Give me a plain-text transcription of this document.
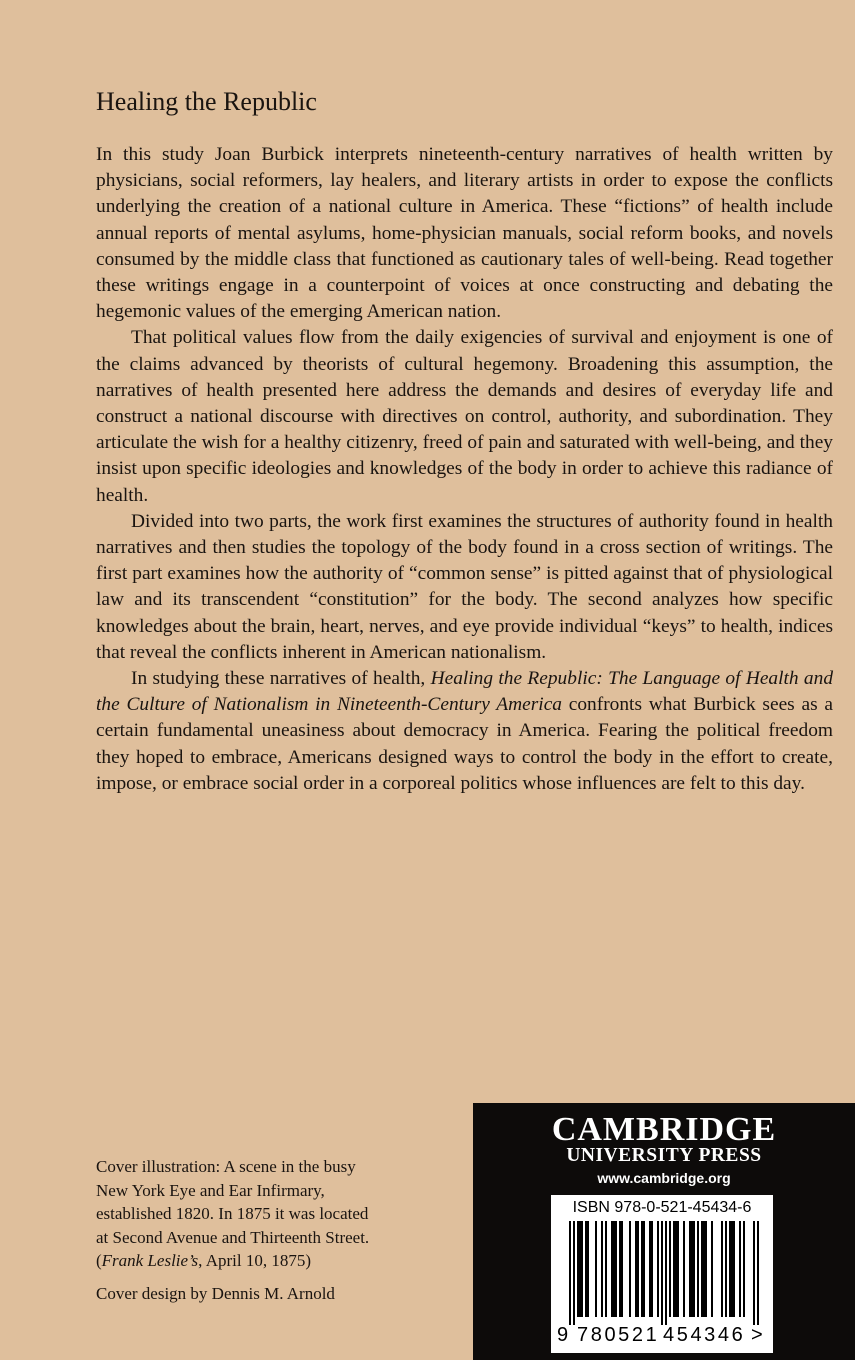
Healing the Republic

In this study Joan Burbick interprets nineteenth-century narratives of health written by physicians, social reformers, lay healers, and literary artists in order to expose the conflicts underlying the creation of a national culture in America. These “fictions” of health include annual reports of mental asylums, home-physician manuals, social reform books, and novels consumed by the middle class that functioned as cautionary tales of well-being. Read together these writings engage in a counterpoint of voices at once constructing and debating the hegemonic values of the emerging American nation.

That political values flow from the daily exigencies of survival and enjoyment is one of the claims advanced by theorists of cultural hegemony. Broadening this assumption, the narratives of health presented here address the demands and desires of everyday life and construct a national discourse with directives on control, authority, and subordination. They articulate the wish for a healthy citizenry, freed of pain and saturated with well-being, and they insist upon specific ideologies and knowledges of the body in order to achieve this radiance of health.

Divided into two parts, the work first examines the structures of authority found in health narratives and then studies the topology of the body found in a cross section of writings. The first part examines how the authority of “common sense” is pitted against that of physiological law and its transcendent “constitution” for the body. The second analyzes how specific knowledges about the brain, heart, nerves, and eye provide individual “keys” to health, indices that reveal the conflicts inherent in American nationalism.

In studying these narratives of health, Healing the Republic: The Language of Health and the Culture of Nationalism in Nineteenth-Century America confronts what Burbick sees as a certain fundamental uneasiness about democracy in America. Fearing the political freedom they hoped to embrace, Americans designed ways to control the body in the effort to create, impose, or embrace social order in a corporeal politics whose influences are felt to this day.

Cover illustration: A scene in the busy
New York Eye and Ear Infirmary,
established 1820. In 1875 it was located
at Second Avenue and Thirteenth Street.
(Frank Leslie’s, April 10, 1875)
Cover design by Dennis M. Arnold
CAMBRIDGE
UNIVERSITY PRESS
www.cambridge.org
ISBN 978-0-521-45434-6
9 780521 454346 >
